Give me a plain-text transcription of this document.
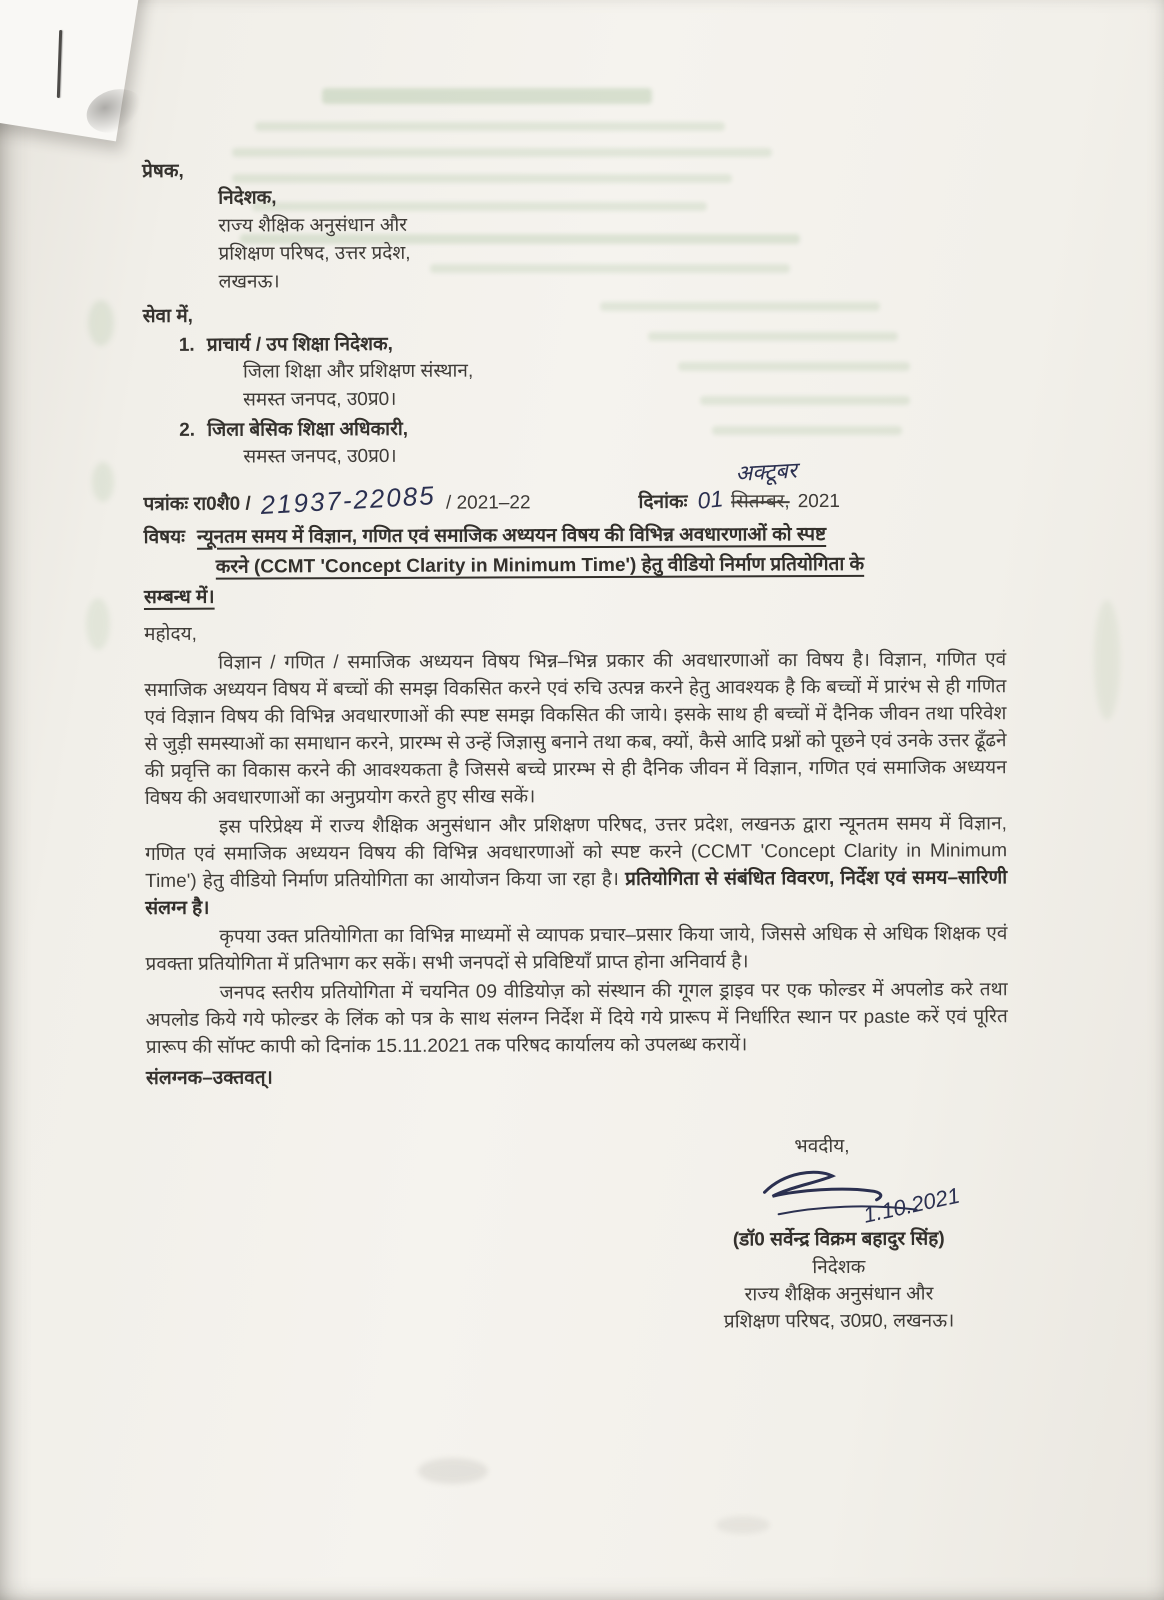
प्रेषक,
निदेशक,
राज्य शैक्षिक अनुसंधान और
प्रशिक्षण परिषद, उत्तर प्रदेश,
लखनऊ।
सेवा में,
1. प्राचार्य / उप शिक्षा निदेशक,
जिला शिक्षा और प्रशिक्षण संस्थान,
समस्त जनपद, उ0प्र0।
2. जिला बेसिक शिक्षा अधिकारी,
समस्त जनपद, उ0प्र0।
पत्रांकः रा0शै0 / 21937-22085 / 2021–22	दिनांकः 01 सितम्बर,
अक्टूबर
2021
विषयः न्यूनतम समय में विज्ञान, गणित एवं समाजिक अध्ययन विषय की विभिन्न अवधारणाओं को स्पष्ट
करने (CCMT 'Concept Clarity in Minimum Time') हेतु वीडियो निर्माण प्रतियोगिता के
सम्बन्ध में।
महोदय,

विज्ञान / गणित / समाजिक अध्ययन विषय भिन्न–भिन्न प्रकार की अवधारणाओं का विषय है। विज्ञान, गणित एवं समाजिक अध्ययन विषय में बच्चों की समझ विकसित करने एवं रुचि उत्पन्न करने हेतु आवश्यक है कि बच्चों में प्रारंभ से ही गणित एवं विज्ञान विषय की विभिन्न अवधारणाओं की स्पष्ट समझ विकसित की जाये। इसके साथ ही बच्चों में दैनिक जीवन तथा परिवेश से जुड़ी समस्याओं का समाधान करने, प्रारम्भ से उन्हें जिज्ञासु बनाने तथा कब, क्यों, कैसे आदि प्रश्नों को पूछने एवं उनके उत्तर ढूँढने की प्रवृत्ति का विकास करने की आवश्यकता है जिससे बच्चे प्रारम्भ से ही दैनिक जीवन में विज्ञान, गणित एवं समाजिक अध्ययन विषय की अवधारणाओं का अनुप्रयोग करते हुए सीख सकें।

इस परिप्रेक्ष्य में राज्य शैक्षिक अनुसंधान और प्रशिक्षण परिषद, उत्तर प्रदेश, लखनऊ द्वारा न्यूनतम समय में विज्ञान, गणित एवं समाजिक अध्ययन विषय की विभिन्न अवधारणाओं को स्पष्ट करने (CCMT 'Concept Clarity in Minimum Time') हेतु वीडियो निर्माण प्रतियोगिता का आयोजन किया जा रहा है। प्रतियोगिता से संबंधित विवरण, निर्देश एवं समय–सारिणी संलग्न है।

कृपया उक्त प्रतियोगिता का विभिन्न माध्यमों से व्यापक प्रचार–प्रसार किया जाये, जिससे अधिक से अधिक शिक्षक एवं प्रवक्ता प्रतियोगिता में प्रतिभाग कर सकें। सभी जनपदों से प्रविष्टियाँ प्राप्त होना अनिवार्य है।

जनपद स्तरीय प्रतियोगिता में चयनित 09 वीडियोज़ को संस्थान की गूगल ड्राइव पर एक फोल्डर में अपलोड करे तथा अपलोड किये गये फोल्डर के लिंक को पत्र के साथ संलग्न निर्देश में दिये गये प्रारूप में निर्धारित स्थान पर paste करें एवं पूरित प्रारूप की सॉफ्ट कापी को दिनांक 15.11.2021 तक परिषद कार्यालय को उपलब्ध करायें।

संलग्नक–उक्तवत्।
भवदीय,
1.10.2021
(डॉ0 सर्वेन्द्र विक्रम बहादुर सिंह)
निदेशक
राज्य शैक्षिक अनुसंधान और
प्रशिक्षण परिषद, उ0प्र0, लखनऊ।
